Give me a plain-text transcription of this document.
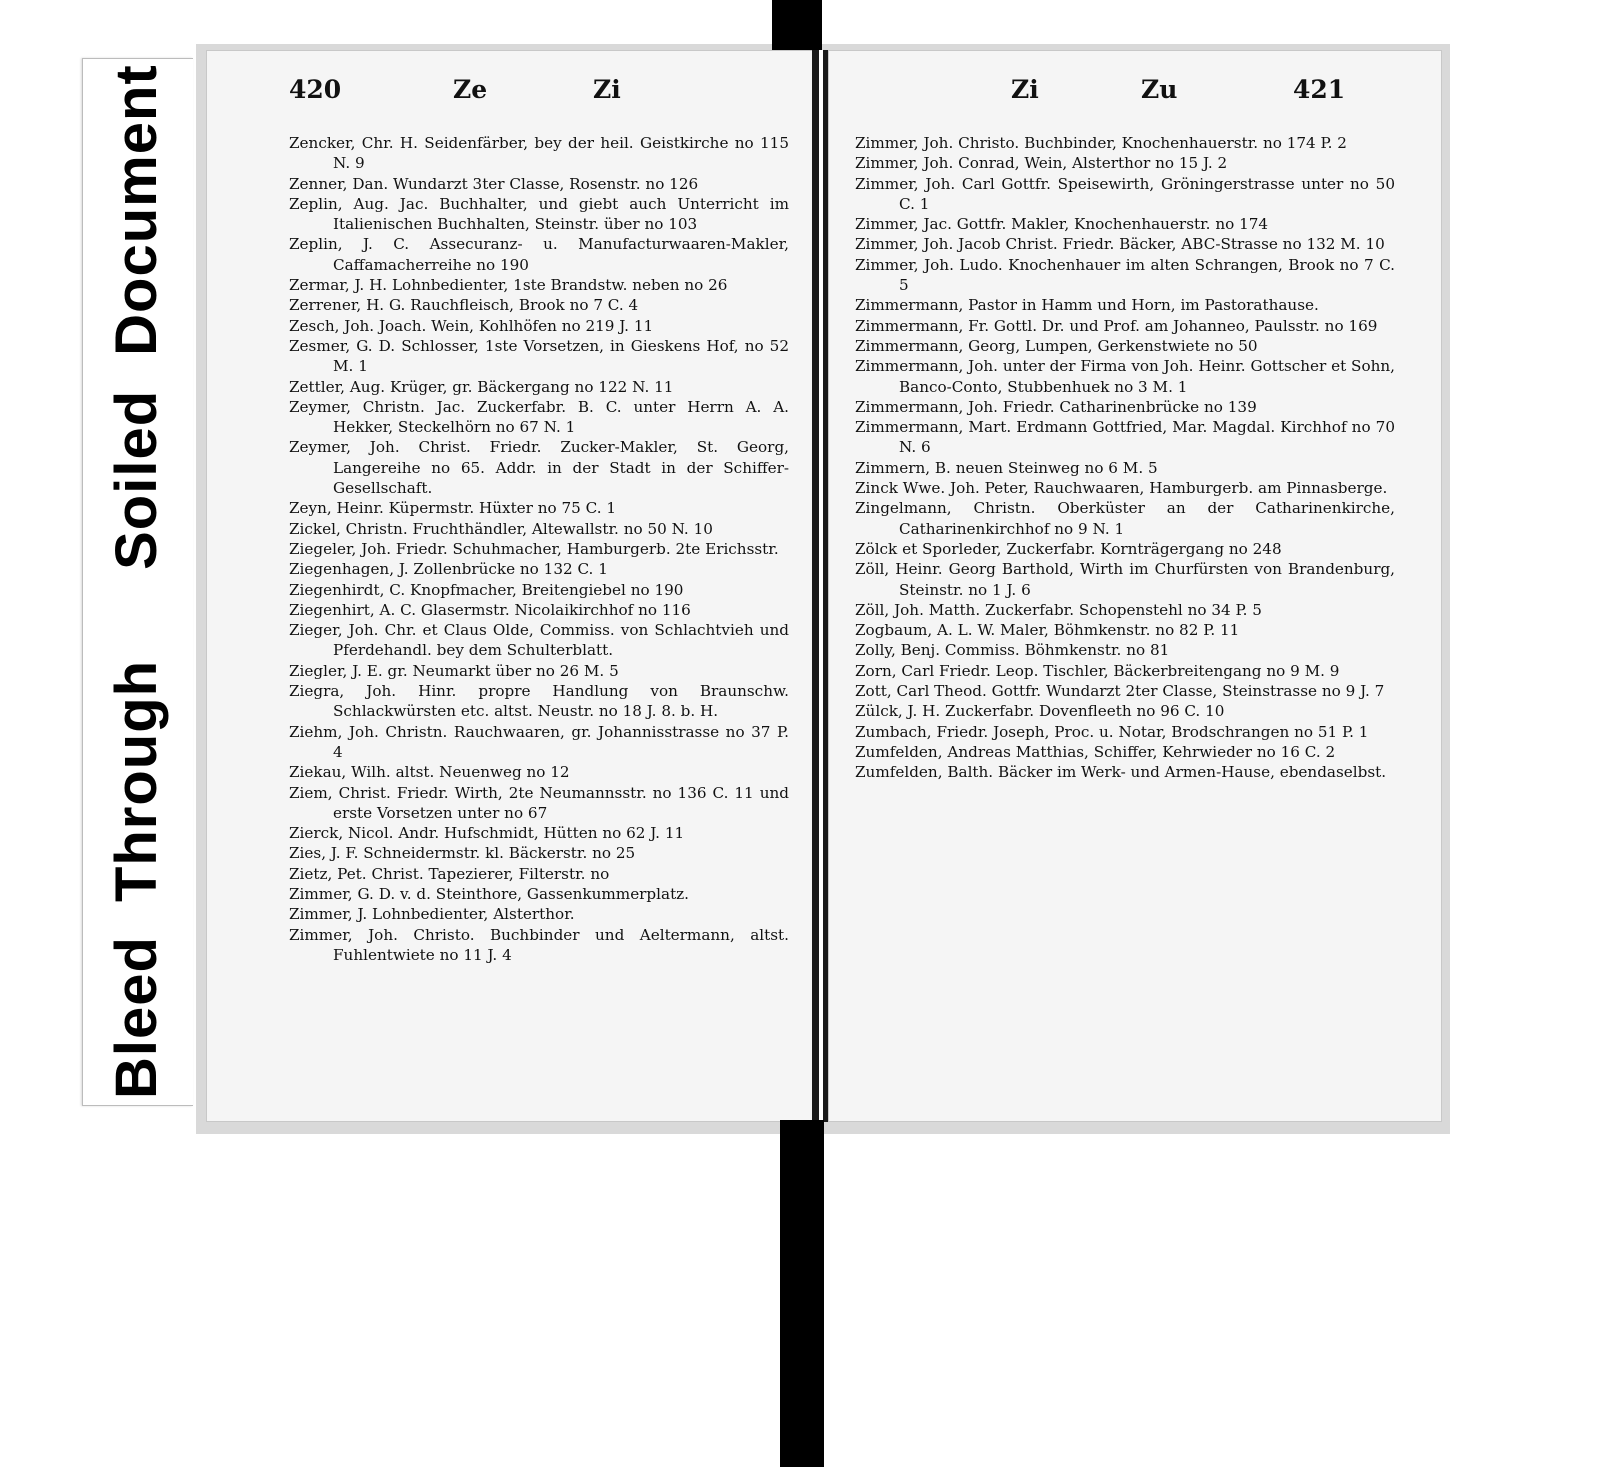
420	Ze	Zi

Zencker, Chr. H. Seidenfärber, bey der heil. Geistkirche no 115 N. 9

Zenner, Dan. Wundarzt 3ter Classe, Rosenstr. no 126

Zeplin, Aug. Jac. Buchhalter, und giebt auch Unterricht im Italienischen Buchhalten, Steinstr. über no 103

Zeplin, J. C. Assecuranz- u. Manufacturwaaren-Makler, Caffamacherreihe no 190

Zermar, J. H. Lohnbedienter, 1ste Brandstw. neben no 26

Zerrener, H. G. Rauchfleisch, Brook no 7 C. 4

Zesch, Joh. Joach. Wein, Kohlhöfen no 219 J. 11

Zesmer, G. D. Schlosser, 1ste Vorsetzen, in Gieskens Hof, no 52 M. 1

Zettler, Aug. Krüger, gr. Bäckergang no 122 N. 11

Zeymer, Christn. Jac. Zuckerfabr. B. C. unter Herrn A. A. Hekker, Steckelhörn no 67 N. 1

Zeymer, Joh. Christ. Friedr. Zucker-Makler, St. Georg, Langereihe no 65. Addr. in der Stadt in der Schiffer-Gesellschaft.

Zeyn, Heinr. Küpermstr. Hüxter no 75 C. 1

Zickel, Christn. Fruchthändler, Altewallstr. no 50 N. 10

Ziegeler, Joh. Friedr. Schuhmacher, Hamburgerb. 2te Erichsstr.

Ziegenhagen, J. Zollenbrücke no 132 C. 1

Ziegenhirdt, C. Knopfmacher, Breitengiebel no 190

Ziegenhirt, A. C. Glasermstr. Nicolaikirchhof no 116

Zieger, Joh. Chr. et Claus Olde, Commiss. von Schlachtvieh und Pferdehandl. bey dem Schulterblatt.

Ziegler, J. E. gr. Neumarkt über no 26 M. 5

Ziegra, Joh. Hinr. propre Handlung von Braunschw. Schlackwürsten etc. altst. Neustr. no 18 J. 8. b. H.

Ziehm, Joh. Christn. Rauchwaaren, gr. Johannisstrasse no 37 P. 4

Ziekau, Wilh. altst. Neuenweg no 12

Ziem, Christ. Friedr. Wirth, 2te Neumannsstr. no 136 C. 11 und erste Vorsetzen unter no 67

Zierck, Nicol. Andr. Hufschmidt, Hütten no 62 J. 11

Zies, J. F. Schneidermstr. kl. Bäckerstr. no 25

Zietz, Pet. Christ. Tapezierer, Filterstr. no

Zimmer, G. D. v. d. Steinthore, Gassenkummerplatz.

Zimmer, J. Lohnbedienter, Alsterthor.

Zimmer, Joh. Christo. Buchbinder und Aeltermann, altst. Fuhlentwiete no 11 J. 4

Zi	Zu	421

Zimmer, Joh. Christo. Buchbinder, Knochenhauerstr. no 174 P. 2

Zimmer, Joh. Conrad, Wein, Alsterthor no 15 J. 2

Zimmer, Joh. Carl Gottfr. Speisewirth, Gröningerstrasse unter no 50 C. 1

Zimmer, Jac. Gottfr. Makler, Knochenhauerstr. no 174

Zimmer, Joh. Jacob Christ. Friedr. Bäcker, ABC-Strasse no 132 M. 10

Zimmer, Joh. Ludo. Knochenhauer im alten Schrangen, Brook no 7 C. 5

Zimmermann, Pastor in Hamm und Horn, im Pastorathause.

Zimmermann, Fr. Gottl. Dr. und Prof. am Johanneo, Paulsstr. no 169

Zimmermann, Georg, Lumpen, Gerkenstwiete no 50

Zimmermann, Joh. unter der Firma von Joh. Heinr. Gottscher et Sohn, Banco-Conto, Stubbenhuek no 3 M. 1

Zimmermann, Joh. Friedr. Catharinenbrücke no 139

Zimmermann, Mart. Erdmann Gottfried, Mar. Magdal. Kirchhof no 70 N. 6

Zimmern, B. neuen Steinweg no 6 M. 5

Zinck Wwe. Joh. Peter, Rauchwaaren, Hamburgerb. am Pinnasberge.

Zingelmann, Christn. Oberküster an der Catharinenkirche, Catharinenkirchhof no 9 N. 1

Zölck et Sporleder, Zuckerfabr. Kornträgergang no 248

Zöll, Heinr. Georg Barthold, Wirth im Churfürsten von Brandenburg, Steinstr. no 1 J. 6

Zöll, Joh. Matth. Zuckerfabr. Schopenstehl no 34 P. 5

Zogbaum, A. L. W. Maler, Böhmkenstr. no 82 P. 11

Zolly, Benj. Commiss. Böhmkenstr. no 81

Zorn, Carl Friedr. Leop. Tischler, Bäckerbreitengang no 9 M. 9

Zott, Carl Theod. Gottfr. Wundarzt 2ter Classe, Steinstrasse no 9 J. 7

Zülck, J. H. Zuckerfabr. Dovenfleeth no 96 C. 10

Zumbach, Friedr. Joseph, Proc. u. Notar, Brodschrangen no 51 P. 1

Zumfelden, Andreas Matthias, Schiffer, Kehrwieder no 16 C. 2

Zumfelden, Balth. Bäcker im Werk- und Armen-Hause, ebendaselbst.

Bleed
Through
Soiled
Document
